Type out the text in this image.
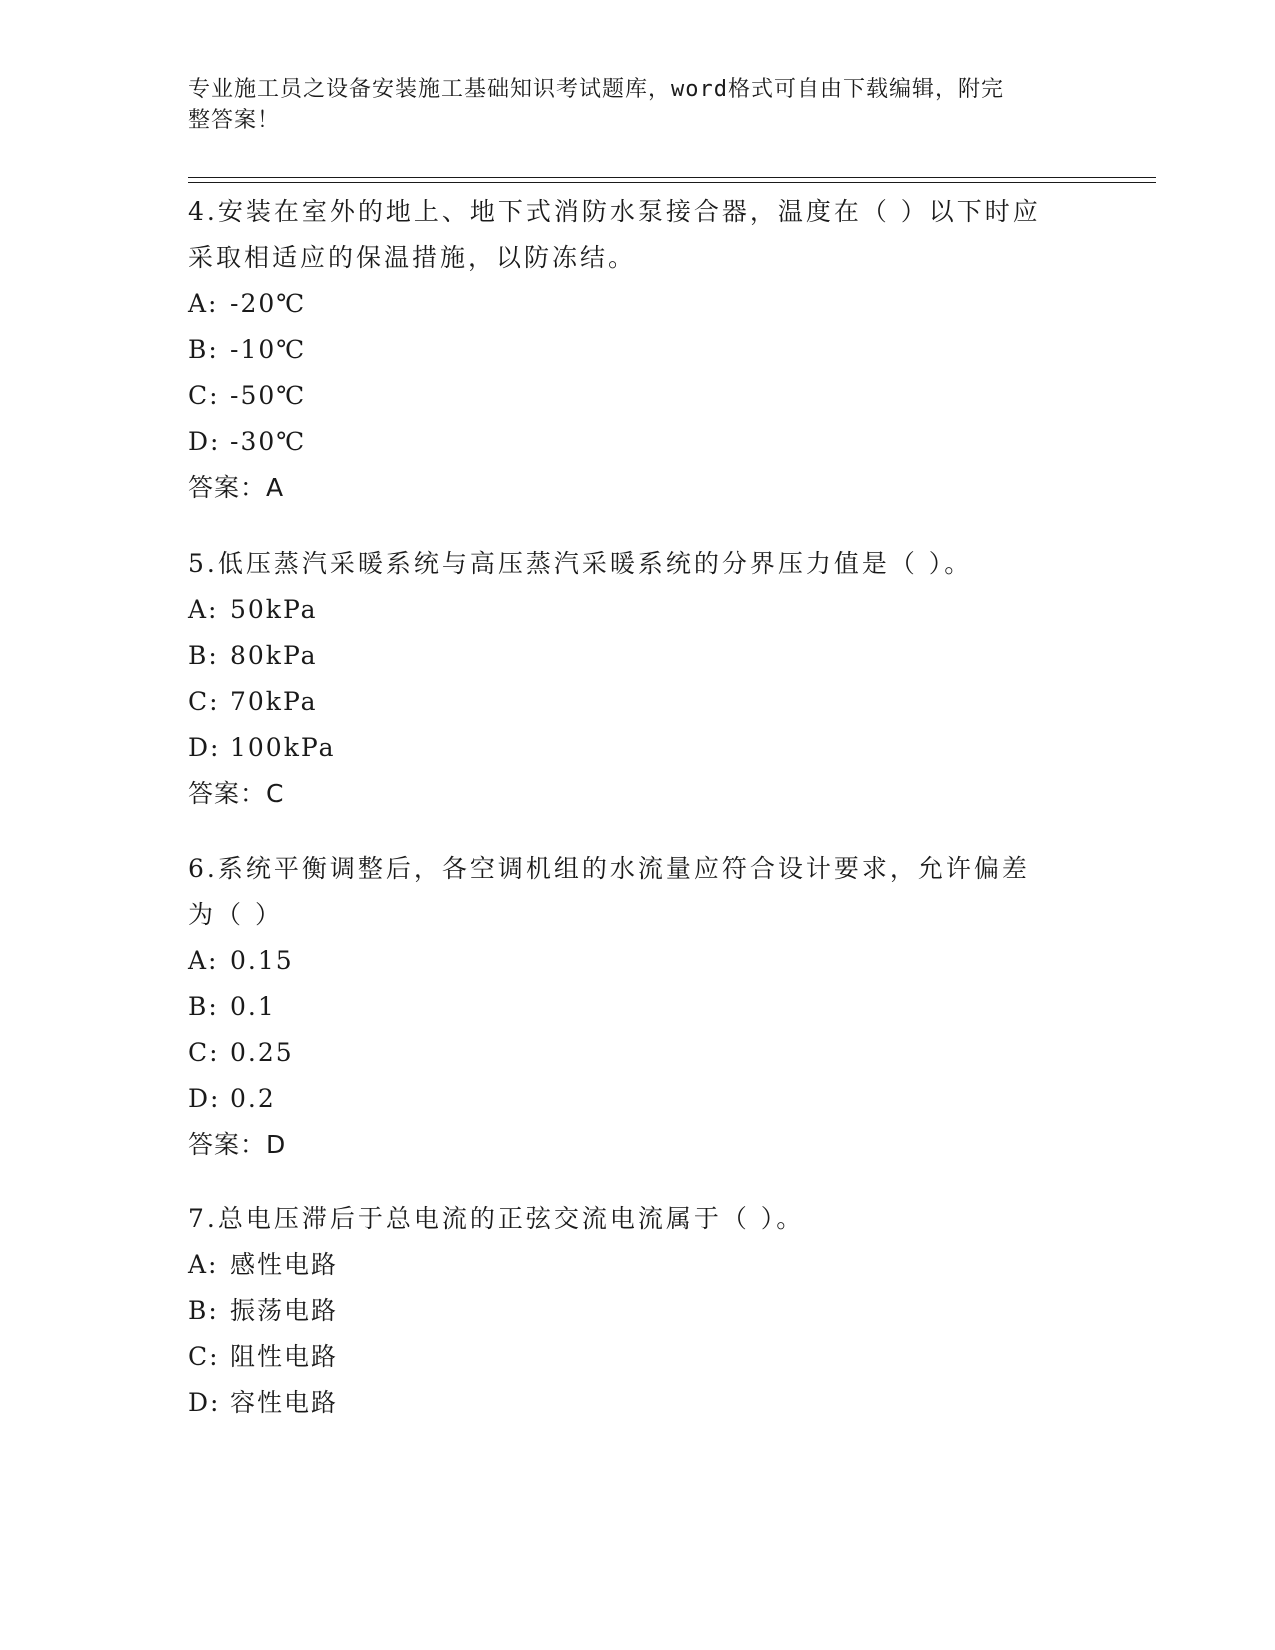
专业施工员之设备安装施工基础知识考试题库，word格式可自由下载编辑，附完
整答案！

4.安装在室外的地上、地下式消防水泵接合器，温度在（ ）以下时应

采取相适应的保温措施，以防冻结。

A: -20℃

B: -10℃

C: -50℃

D: -30℃

答案：A

5.低压蒸汽采暖系统与高压蒸汽采暖系统的分界压力值是（ ）。

A: 50kPa

B: 80kPa

C: 70kPa

D: 100kPa

答案：C

6.系统平衡调整后，各空调机组的水流量应符合设计要求，允许偏差

为（ ）

A: 0.15

B: 0.1

C: 0.25

D: 0.2

答案：D

7.总电压滞后于总电流的正弦交流电流属于（ ）。

A: 感性电路

B: 振荡电路

C: 阻性电路

D: 容性电路
